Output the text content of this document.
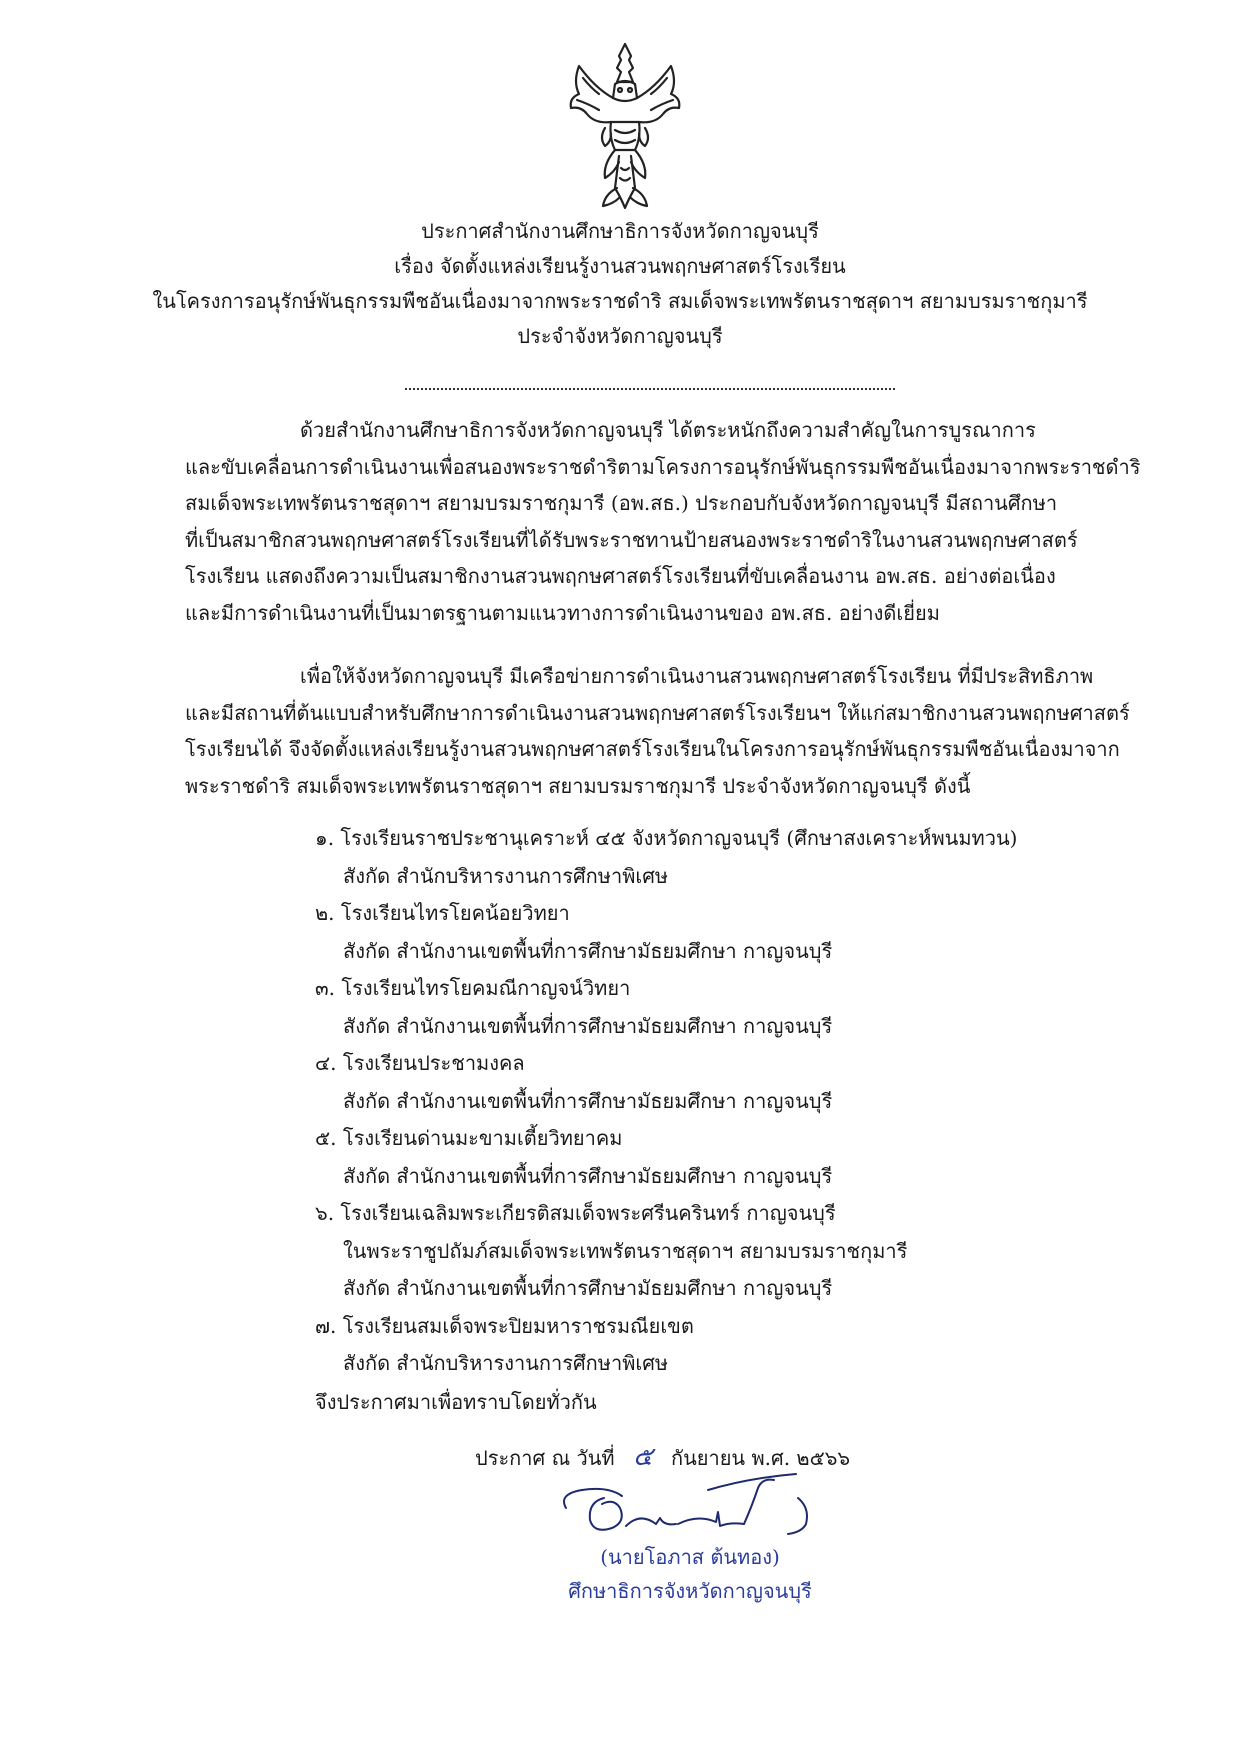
ประกาศสำนักงานศึกษาธิการจังหวัดกาญจนบุรี
เรื่อง จัดตั้งแหล่งเรียนรู้งานสวนพฤกษศาสตร์โรงเรียน
ในโครงการอนุรักษ์พันธุกรรมพืชอันเนื่องมาจากพระราชดำริ สมเด็จพระเทพรัตนราชสุดาฯ สยามบรมราชกุมารี
ประจำจังหวัดกาญจนบุรี
ด้วยสำนักงานศึกษาธิการจังหวัดกาญจนบุรี ได้ตระหนักถึงความสำคัญในการบูรณาการ
และขับเคลื่อนการดำเนินงานเพื่อสนองพระราชดำริตามโครงการอนุรักษ์พันธุกรรมพืชอันเนื่องมาจากพระราชดำริ
สมเด็จพระเทพรัตนราชสุดาฯ สยามบรมราชกุมารี (อพ.สธ.) ประกอบกับจังหวัดกาญจนบุรี มีสถานศึกษา
ที่เป็นสมาชิกสวนพฤกษศาสตร์โรงเรียนที่ได้รับพระราชทานป้ายสนองพระราชดำริในงานสวนพฤกษศาสตร์
โรงเรียน แสดงถึงความเป็นสมาชิกงานสวนพฤกษศาสตร์โรงเรียนที่ขับเคลื่อนงาน อพ.สธ. อย่างต่อเนื่อง
และมีการดำเนินงานที่เป็นมาตรฐานตามแนวทางการดำเนินงานของ อพ.สธ. อย่างดีเยี่ยม
เพื่อให้จังหวัดกาญจนบุรี มีเครือข่ายการดำเนินงานสวนพฤกษศาสตร์โรงเรียน ที่มีประสิทธิภาพ
และมีสถานที่ต้นแบบสำหรับศึกษาการดำเนินงานสวนพฤกษศาสตร์โรงเรียนฯ ให้แก่สมาชิกงานสวนพฤกษศาสตร์
โรงเรียนได้ จึงจัดตั้งแหล่งเรียนรู้งานสวนพฤกษศาสตร์โรงเรียนในโครงการอนุรักษ์พันธุกรรมพืชอันเนื่องมาจาก
พระราชดำริ สมเด็จพระเทพรัตนราชสุดาฯ สยามบรมราชกุมารี ประจำจังหวัดกาญจนบุรี ดังนี้
๑. โรงเรียนราชประชานุเคราะห์ ๔๕ จังหวัดกาญจนบุรี (ศึกษาสงเคราะห์พนมทวน)
สังกัด สำนักบริหารงานการศึกษาพิเศษ
๒. โรงเรียนไทรโยคน้อยวิทยา
สังกัด สำนักงานเขตพื้นที่การศึกษามัธยมศึกษา กาญจนบุรี
๓. โรงเรียนไทรโยคมณีกาญจน์วิทยา
สังกัด สำนักงานเขตพื้นที่การศึกษามัธยมศึกษา กาญจนบุรี
๔. โรงเรียนประชามงคล
สังกัด สำนักงานเขตพื้นที่การศึกษามัธยมศึกษา กาญจนบุรี
๕. โรงเรียนด่านมะขามเตี้ยวิทยาคม
สังกัด สำนักงานเขตพื้นที่การศึกษามัธยมศึกษา กาญจนบุรี
๖. โรงเรียนเฉลิมพระเกียรติสมเด็จพระศรีนครินทร์ กาญจนบุรี
ในพระราชูปถัมภ์สมเด็จพระเทพรัตนราชสุดาฯ สยามบรมราชกุมารี
สังกัด สำนักงานเขตพื้นที่การศึกษามัธยมศึกษา กาญจนบุรี
๗. โรงเรียนสมเด็จพระปิยมหาราชรมณียเขต
สังกัด สำนักบริหารงานการศึกษาพิเศษ
จึงประกาศมาเพื่อทราบโดยทั่วกัน
ประกาศ ณ วันที่ ๕ กันยายน พ.ศ. ๒๕๖๖
(นายโอภาส ต้นทอง)
ศึกษาธิการจังหวัดกาญจนบุรี
